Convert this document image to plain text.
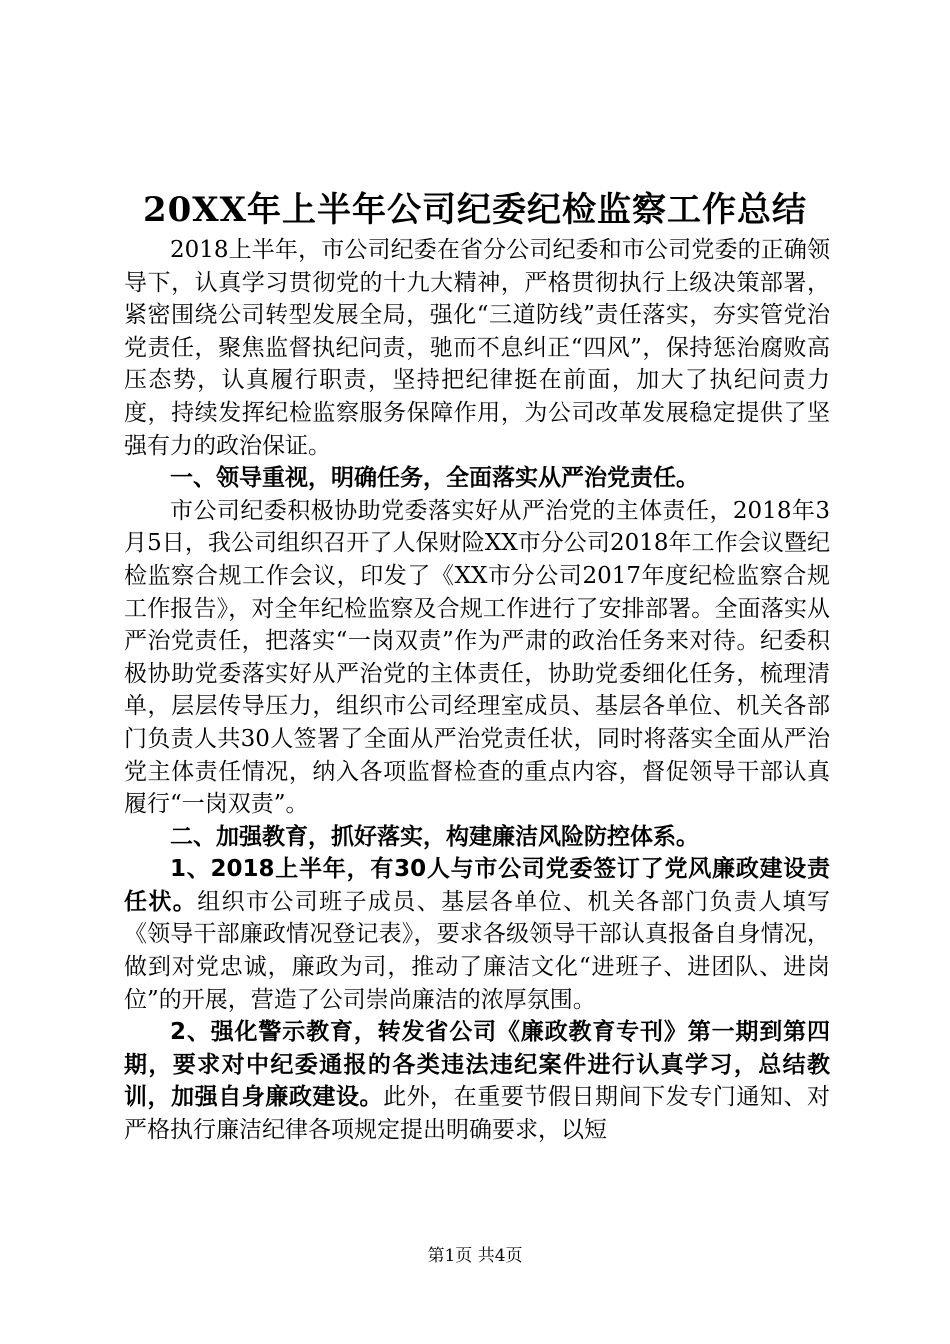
20XX年上半年公司纪委纪检监察工作总结

2018上半年，市公司纪委在省分公司纪委和市公司党委的正确领导下，认真学习贯彻党的十九大精神，严格贯彻执行上级决策部署，紧密围绕公司转型发展全局，强化“三道防线”责任落实，夯实管党治党责任，聚焦监督执纪问责，驰而不息纠正“四风”，保持惩治腐败高压态势，认真履行职责，坚持把纪律挺在前面，加大了执纪问责力度，持续发挥纪检监察服务保障作用，为公司改革发展稳定提供了坚强有力的政治保证。

一、领导重视，明确任务，全面落实从严治党责任。

市公司纪委积极协助党委落实好从严治党的主体责任，2018年3月5日，我公司组织召开了人保财险XX市分公司2018年工作会议暨纪检监察合规工作会议，印发了《XX市分公司2017年度纪检监察合规工作报告》，对全年纪检监察及合规工作进行了安排部署。全面落实从严治党责任，把落实“一岗双责”作为严肃的政治任务来对待。纪委积极协助党委落实好从严治党的主体责任，协助党委细化任务，梳理清单，层层传导压力，组织市公司经理室成员、基层各单位、机关各部门负责人共30人签署了全面从严治党责任状，同时将落实全面从严治党主体责任情况，纳入各项监督检查的重点内容，督促领导干部认真履行“一岗双责”。

二、加强教育，抓好落实，构建廉洁风险防控体系。

1、2018上半年，有30人与市公司党委签订了党风廉政建设责任状。组织市公司班子成员、基层各单位、机关各部门负责人填写《领导干部廉政情况登记表》，要求各级领导干部认真报备自身情况，做到对党忠诚，廉政为司，推动了廉洁文化“进班子、进团队、进岗位”的开展，营造了公司崇尚廉洁的浓厚氛围。

2、强化警示教育，转发省公司《廉政教育专刊》第一期到第四期，要求对中纪委通报的各类违法违纪案件进行认真学习，总结教训，加强自身廉政建设。此外，在重要节假日期间下发专门通知、对严格执行廉洁纪律各项规定提出明确要求，以短

第1页 共4页
